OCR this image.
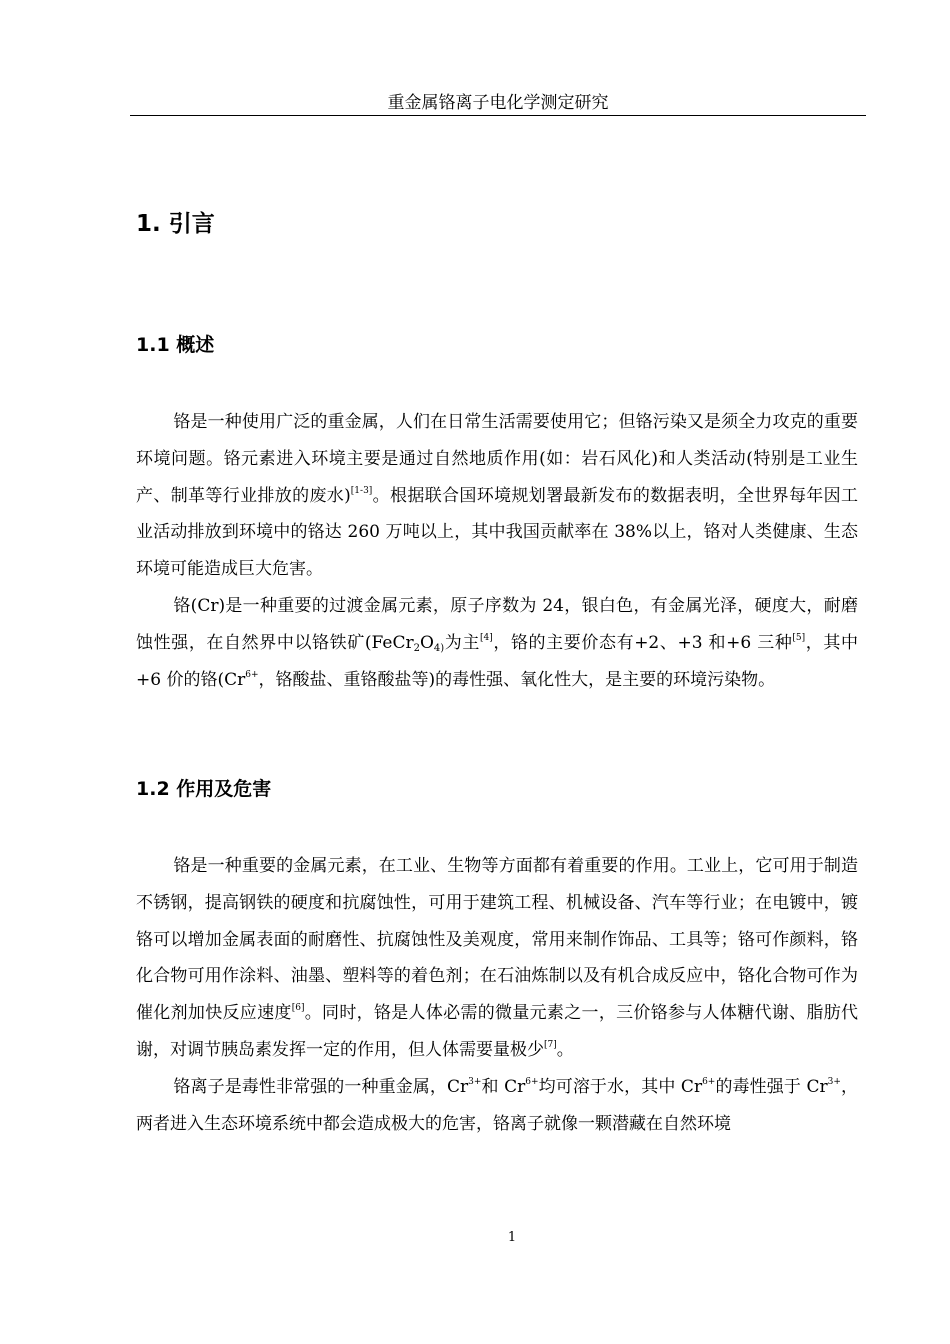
重金属铬离子电化学测定研究
1. 引言
1.1 概述

铬是一种使用广泛的重金属，人们在日常生活需要使用它；但铬污染又是须全力攻克的重要环境问题。铬元素进入环境主要是通过自然地质作用(如：岩石风化)和人类活动(特别是工业生产、制革等行业排放的废水)[1-3]。根据联合国环境规划署最新发布的数据表明，全世界每年因工业活动排放到环境中的铬达 260 万吨以上，其中我国贡献率在 38%以上，铬对人类健康、生态环境可能造成巨大危害。

铬(Cr)是一种重要的过渡金属元素，原子序数为 24，银白色，有金属光泽，硬度大，耐磨蚀性强，在自然界中以铬铁矿($FeCr_2O_{4)}$为主[4]，铬的主要价态有+2、+3 和+6 三种[5]，其中+6 价的铬($Cr^{6+}$，铬酸盐、重铬酸盐等)的毒性强、氧化性大，是主要的环境污染物。

1.2 作用及危害

铬是一种重要的金属元素，在工业、生物等方面都有着重要的作用。工业上，它可用于制造不锈钢，提高钢铁的硬度和抗腐蚀性，可用于建筑工程、机械设备、汽车等行业；在电镀中，镀铬可以增加金属表面的耐磨性、抗腐蚀性及美观度，常用来制作饰品、工具等；铬可作颜料，铬化合物可用作涂料、油墨、塑料等的着色剂；在石油炼制以及有机合成反应中，铬化合物可作为催化剂加快反应速度[6]。同时，铬是人体必需的微量元素之一，三价铬参与人体糖代谢、脂肪代谢，对调节胰岛素发挥一定的作用，但人体需要量极少[7]。

铬离子是毒性非常强的一种重金属，$Cr^{3+}$和 $Cr^{6+}$均可溶于水，其中 $Cr^{6+}$的毒性强于 $Cr^{3+}$，两者进入生态环境系统中都会造成极大的危害，铬离子就像一颗潜藏在自然环境

1
